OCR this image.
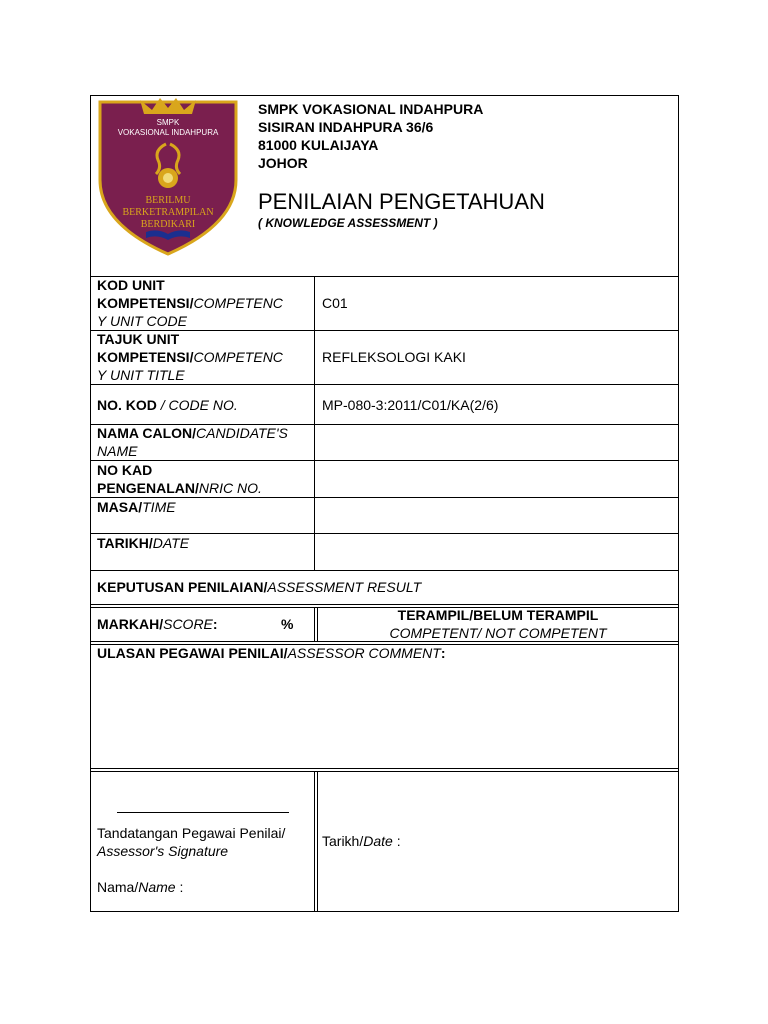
SMPK
VOKASIONAL INDAHPURA
BERILMU
BERKETRAMPILAN
BERDIKARI
SMPK VOKASIONAL INDAHPURA
SISIRAN INDAHPURA 36/6
81000 KULAIJAYA
JOHOR
PENILAIAN PENGETAHUAN
( KNOWLEDGE ASSESSMENT )
KOD UNIT
KOMPETENSI/COMPETENC
Y UNIT CODE
C01
TAJUK UNIT
KOMPETENSI/COMPETENC
Y UNIT TITLE
REFLEKSOLOGI KAKI
NO. KOD / CODE NO.	MP-080-3:2011/C01/KA(2/6)
NAMA CALON/CANDIDATE'S
NAME
NO KAD
PENGENALAN/NRIC NO.
MASA/TIME
TARIKH/DATE
KEPUTUSAN PENILAIAN/ASSESSMENT RESULT
MARKAH/SCORE:	%
TERAMPIL/BELUM TERAMPIL
COMPETENT/ NOT COMPETENT
ULASAN PEGAWAI PENILAI/ASSESSOR COMMENT:
Tandatangan Pegawai Penilai/
Assessor's Signature
Nama/Name :
Tarikh/Date :
